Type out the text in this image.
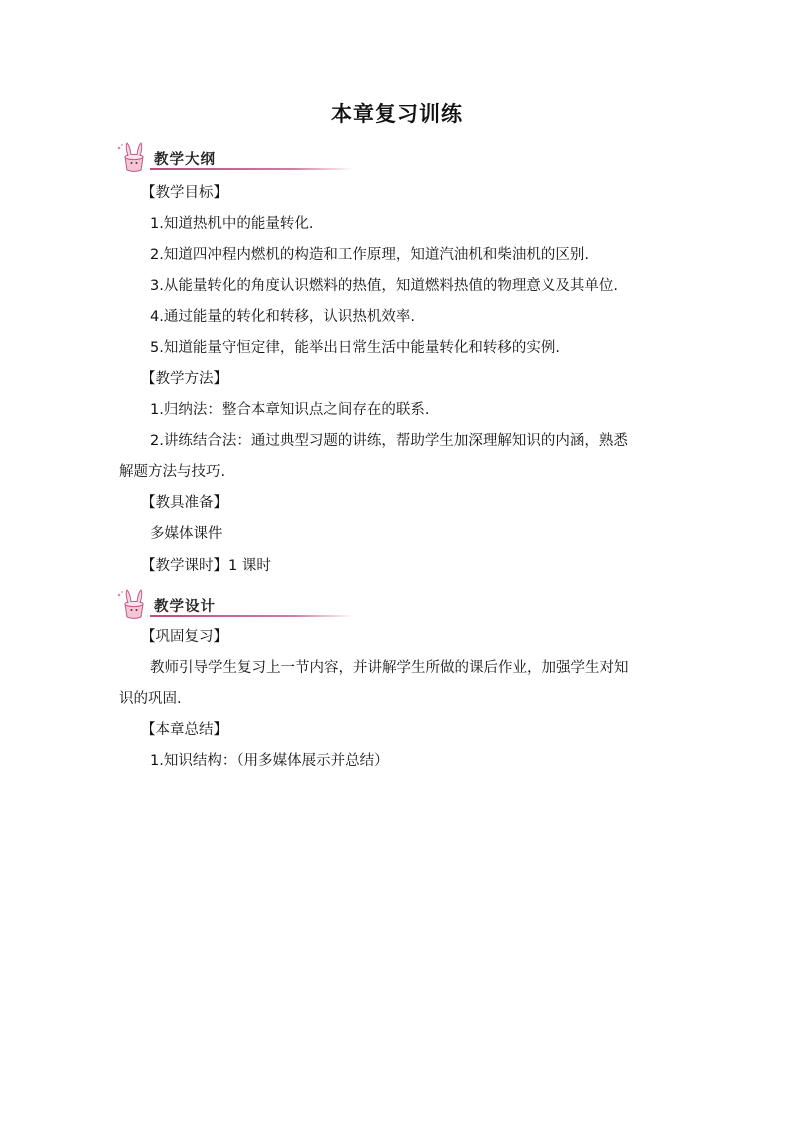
本章复习训练
教学大纲
【教学目标】
1.知道热机中的能量转化.
2.知道四冲程内燃机的构造和工作原理，知道汽油机和柴油机的区别.
3.从能量转化的角度认识燃料的热值，知道燃料热值的物理意义及其单位.
4.通过能量的转化和转移，认识热机效率.
5.知道能量守恒定律，能举出日常生活中能量转化和转移的实例.
【教学方法】
1.归纳法：整合本章知识点之间存在的联系.
2.讲练结合法：通过典型习题的讲练，帮助学生加深理解知识的内涵，熟悉
解题方法与技巧.
【教具准备】
多媒体课件
【教学课时】1 课时
教学设计
【巩固复习】
教师引导学生复习上一节内容，并讲解学生所做的课后作业，加强学生对知
识的巩固.
【本章总结】
1.知识结构：（用多媒体展示并总结）
